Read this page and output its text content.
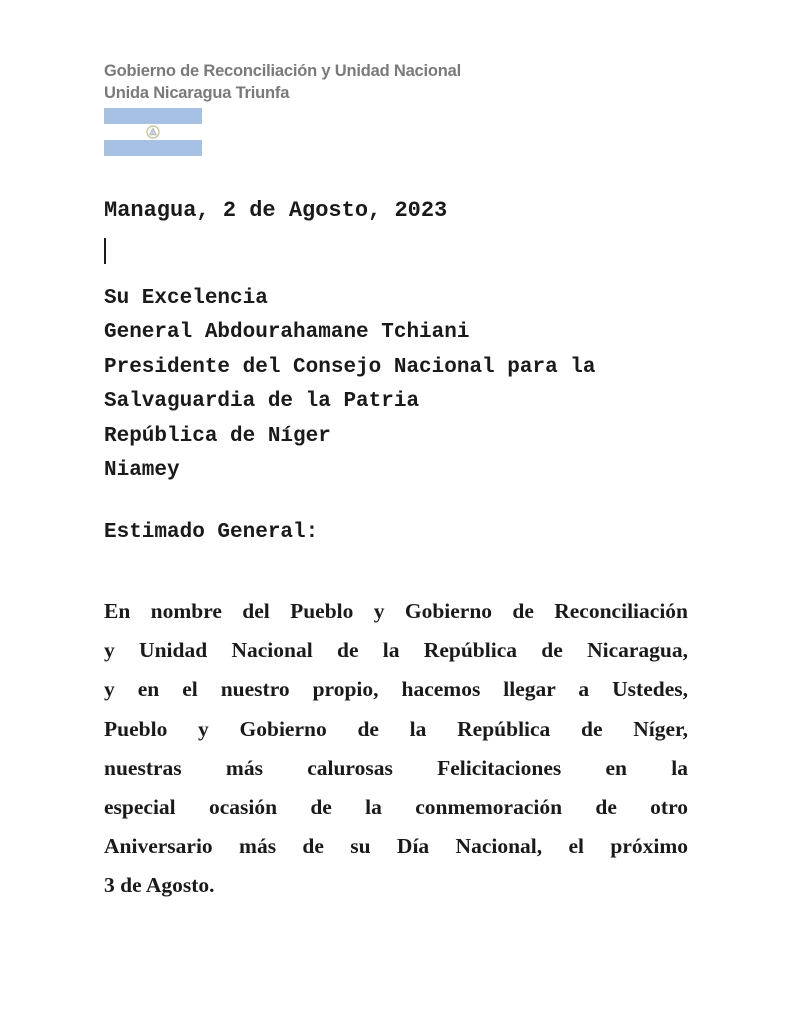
Gobierno de Reconciliación y Unidad Nacional
Unida Nicaragua Triunfa
Managua, 2 de Agosto, 2023
Su Excelencia
General Abdourahamane Tchiani
Presidente del Consejo Nacional para la
Salvaguardia de la Patria
República de Níger
Niamey
Estimado General:
En nombre del Pueblo y Gobierno de Reconciliación
y Unidad Nacional de la República de Nicaragua,
y en el nuestro propio, hacemos llegar a Ustedes,
Pueblo y Gobierno de la República de Níger,
nuestras más calurosas Felicitaciones en la
especial ocasión de la conmemoración de otro
Aniversario más de su Día Nacional, el próximo
3 de Agosto.
